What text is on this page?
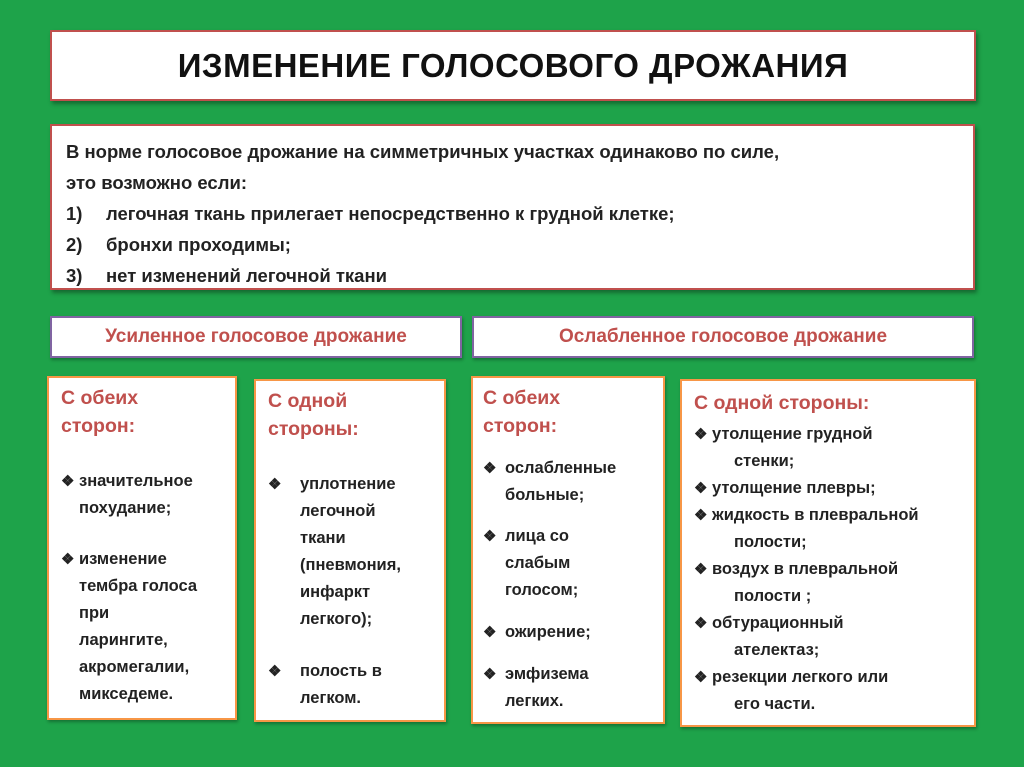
ИЗМЕНЕНИЕ ГОЛОСОВОГО ДРОЖАНИЯ
В норме голосовое дрожание на симметричных участках одинаково по силе,
это возможно если:
1) легочная ткань прилегает непосредственно к грудной клетке;
2) бронхи проходимы;
3) нет изменений легочной ткани
Усиленное голосовое дрожание	Ослабленное голосовое дрожание
С обеих
сторон:
❖ значительное
похудание;
❖ изменение
тембра голоса
при
ларингите,
акромегалии,
микседеме.
С одной
стороны:
❖	уплотнение
легочной
ткани
(пневмония,
инфаркт
легкого);
❖	полость в
легком.
С обеих
сторон:
❖ ослабленные
больные;
❖ лица со
слабым
голосом;
❖ ожирение;
❖ эмфизема
легких.
С одной стороны:
❖ утолщение грудной
стенки;
❖ утолщение плевры;
❖ жидкость в плевральной
полости;
❖ воздух в плевральной
полости ;
❖ обтурационный
ателектаз;
❖ резекции легкого или
его части.
